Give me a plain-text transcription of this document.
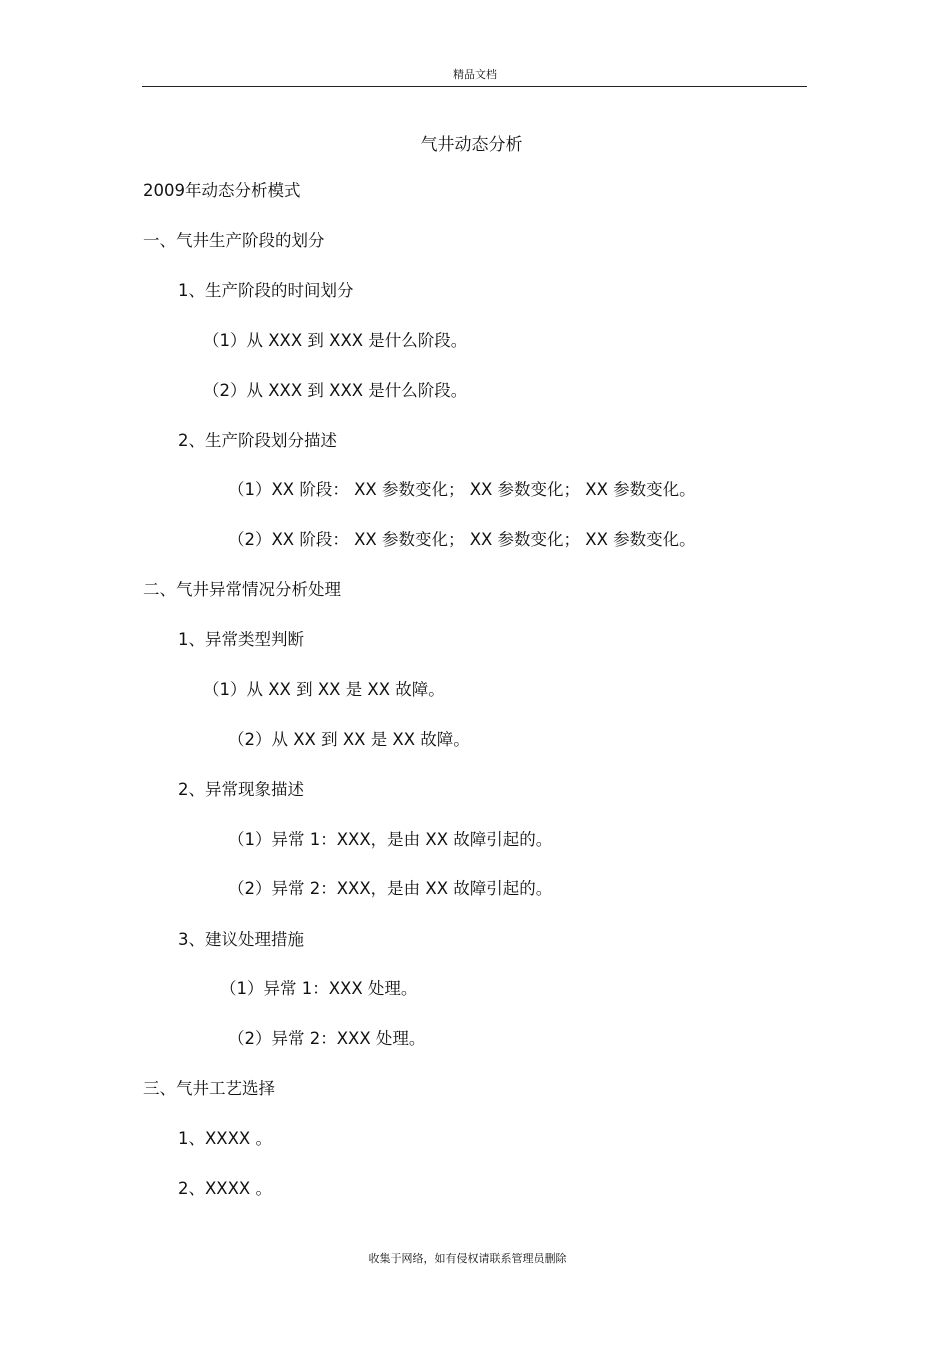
精品文档
气井动态分析
2009年动态分析模式
一、气井生产阶段的划分
1、生产阶段的时间划分
（1）从 XXX 到 XXX 是什么阶段。
（2）从 XXX 到 XXX 是什么阶段。
2、生产阶段划分描述
（1）XX 阶段： XX 参数变化； XX 参数变化； XX 参数变化。
（2）XX 阶段： XX 参数变化； XX 参数变化； XX 参数变化。
二、气井异常情况分析处理
1、异常类型判断
（1）从 XX 到 XX 是 XX 故障。
（2）从 XX 到 XX 是 XX 故障。
2、异常现象描述
（1）异常 1：XXX，是由 XX 故障引起的。
（2）异常 2：XXX，是由 XX 故障引起的。
3、建议处理措施
（1）异常 1：XXX 处理。
（2）异常 2：XXX 处理。
三、气井工艺选择
1、XXXX 。
2、XXXX 。
收集于网络，如有侵权请联系管理员删除
